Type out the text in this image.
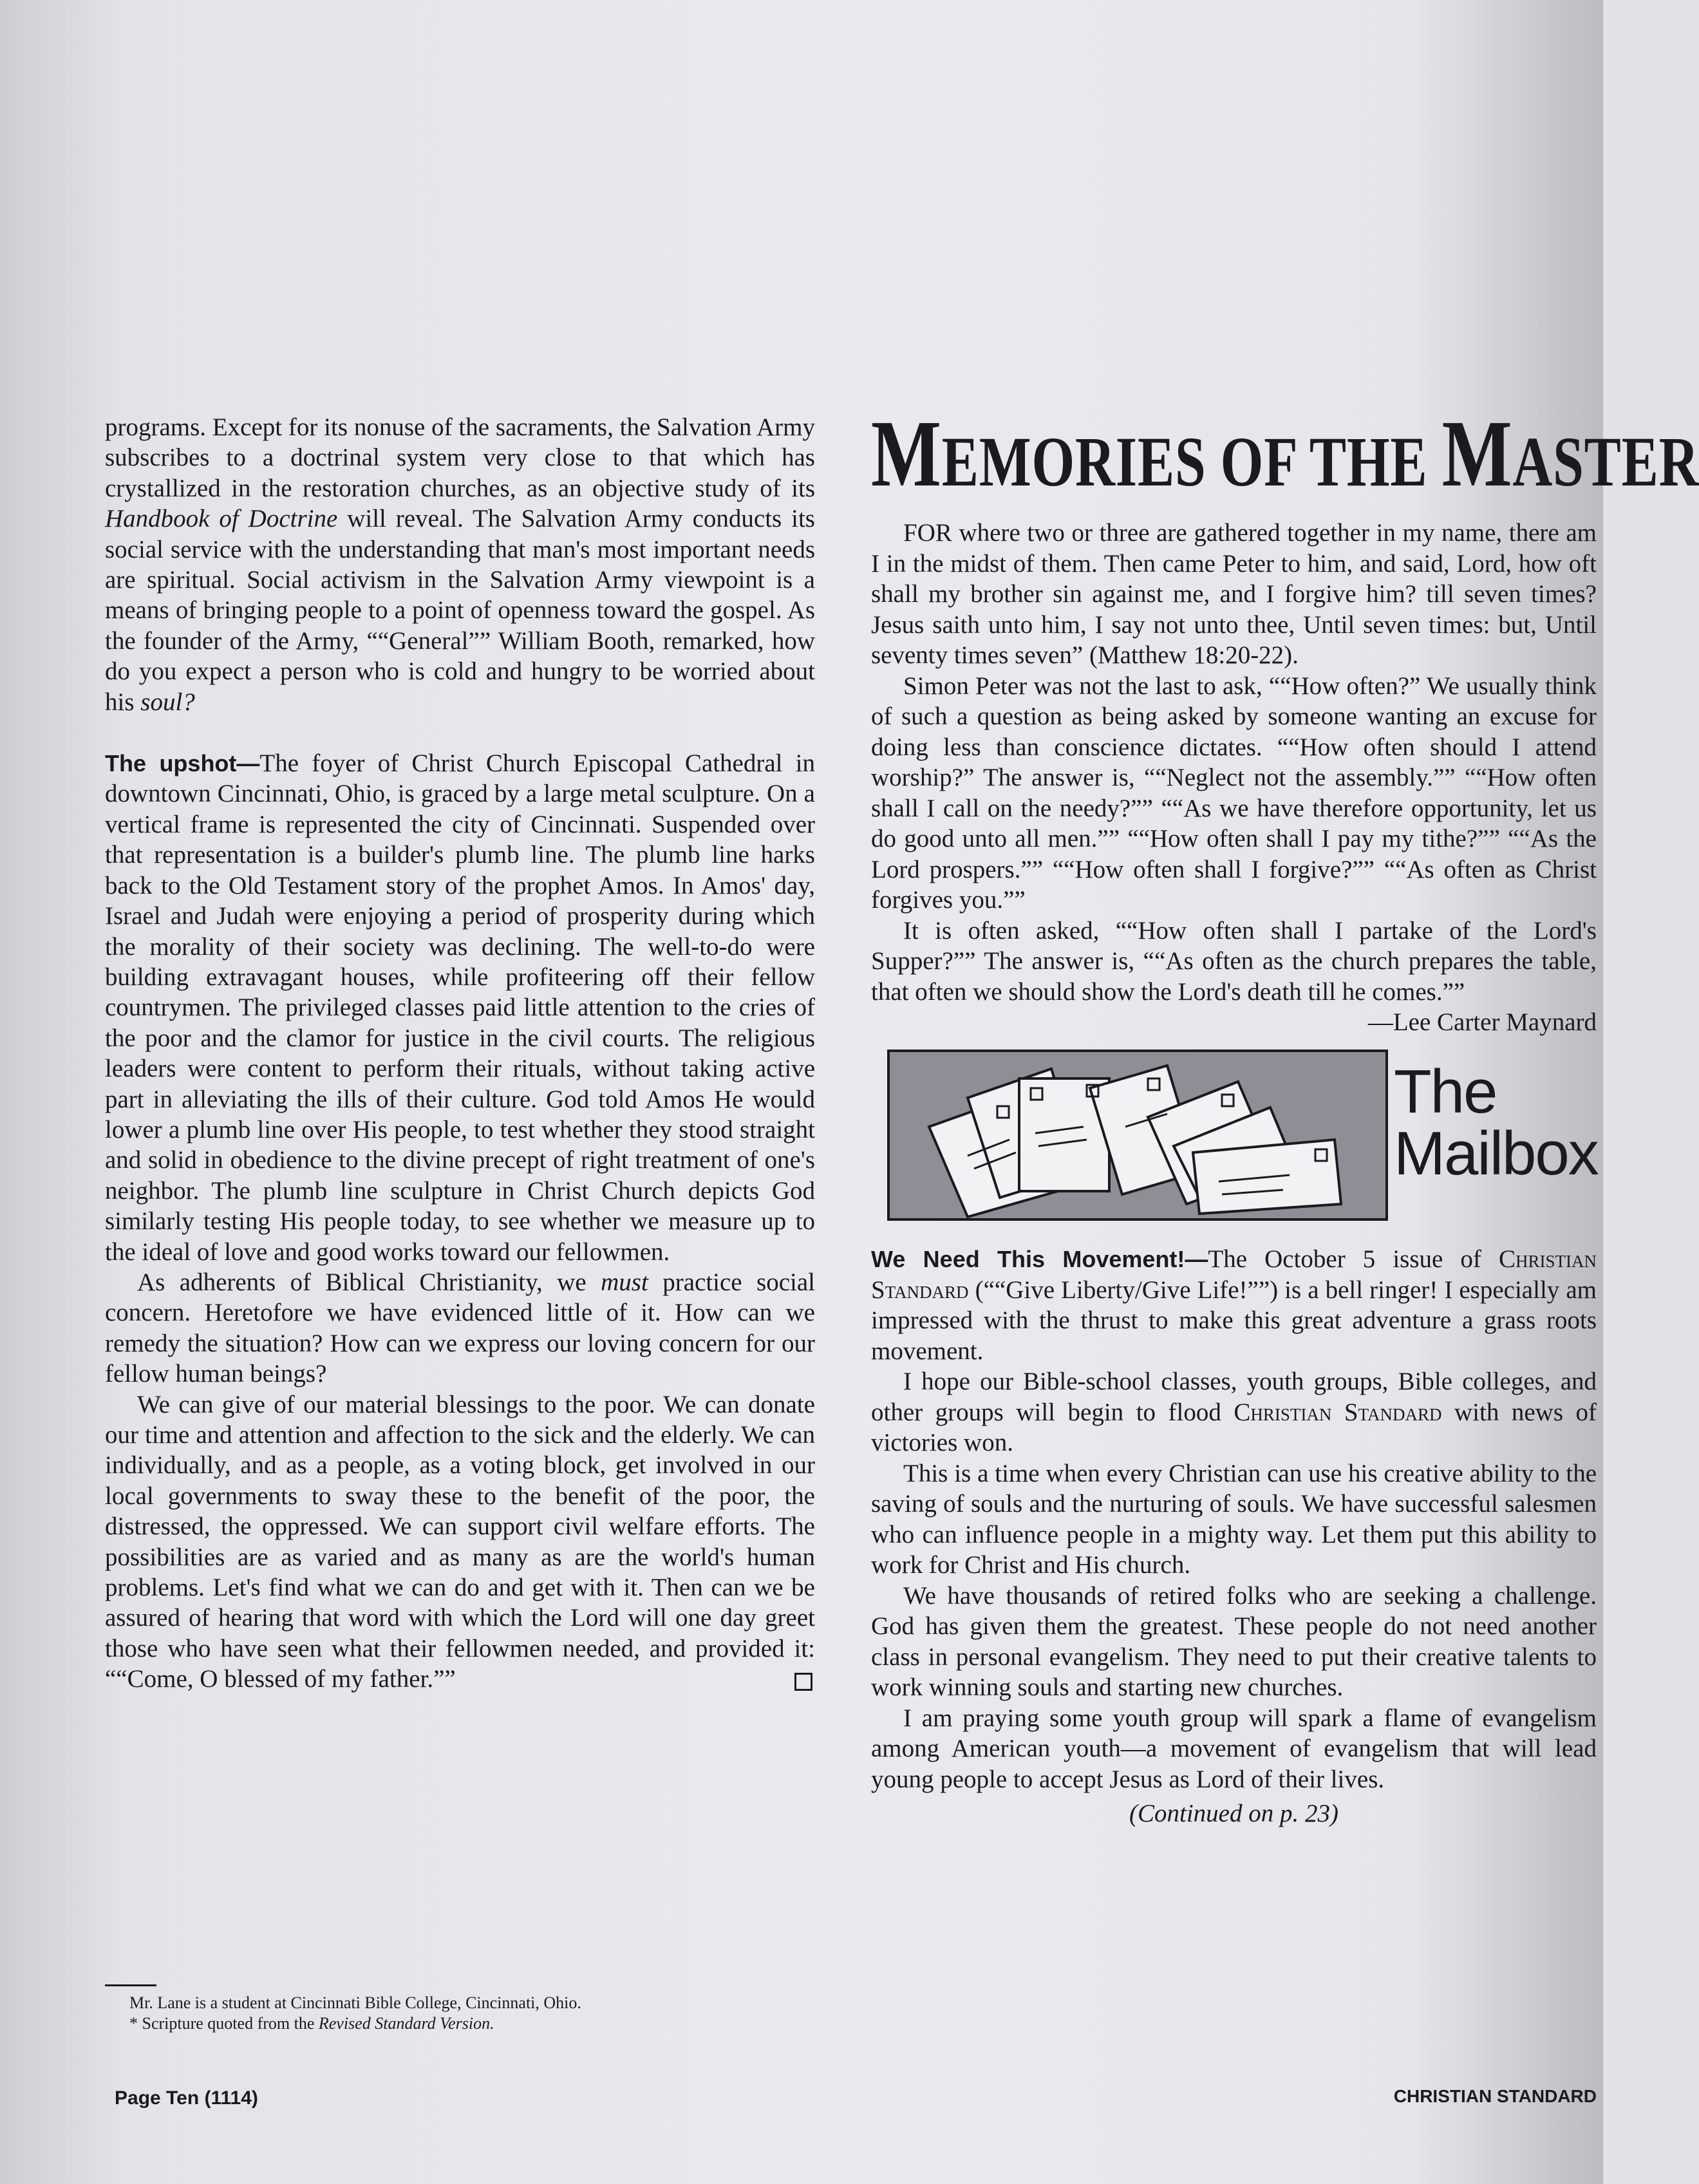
programs. Except for its nonuse of the sacraments, the Salvation Army subscribes to a doctrinal system very close to that which has crystallized in the restoration churches, as an objective study of its Handbook of Doctrine will reveal. The Salvation Army conducts its social service with the understanding that man's most important needs are spiritual. Social activism in the Salvation Army viewpoint is a means of bringing people to a point of openness toward the gospel. As the founder of the Army, ““General”” William Booth, remarked, how do you expect a person who is cold and hungry to be worried about his soul?

The upshot—The foyer of Christ Church Episcopal Cathedral in downtown Cincinnati, Ohio, is graced by a large metal sculpture. On a vertical frame is represented the city of Cincinnati. Suspended over that representation is a builder's plumb line. The plumb line harks back to the Old Testament story of the prophet Amos. In Amos' day, Israel and Judah were enjoying a period of prosperity during which the morality of their society was declining. The well-to-do were building extravagant houses, while profiteering off their fellow countrymen. The privileged classes paid little attention to the cries of the poor and the clamor for justice in the civil courts. The religious leaders were content to perform their rituals, without taking active part in alleviating the ills of their culture. God told Amos He would lower a plumb line over His people, to test whether they stood straight and solid in obedience to the divine precept of right treatment of one's neighbor. The plumb line sculpture in Christ Church depicts God similarly testing His people today, to see whether we measure up to the ideal of love and good works toward our fellowmen.

As adherents of Biblical Christianity, we must practice social concern. Heretofore we have evidenced little of it. How can we remedy the situation? How can we express our loving concern for our fellow human beings?

We can give of our material blessings to the poor. We can donate our time and attention and affection to the sick and the elderly. We can individually, and as a people, as a voting block, get involved in our local governments to sway these to the benefit of the poor, the distressed, the oppressed. We can support civil welfare efforts. The possibilities are as varied and as many as are the world's human problems. Let's find what we can do and get with it. Then can we be assured of hearing that word with which the Lord will one day greet those who have seen what their fellowmen needed, and provided it: ““Come, O blessed of my father.””

Mr. Lane is a student at Cincinnati Bible College, Cincinnati, Ohio.

* Scripture quoted from the Revised Standard Version.

Page Ten (1114)	CHRISTIAN STANDARD
MEMORIES OF THE MASTER

FOR where two or three are gathered together in my name, there am I in the midst of them. Then came Peter to him, and said, Lord, how oft shall my brother sin against me, and I forgive him? till seven times? Jesus saith unto him, I say not unto thee, Until seven times: but, Until seventy times seven” (Matthew 18:20-22).

Simon Peter was not the last to ask, ““How often?” We usually think of such a question as being asked by someone wanting an excuse for doing less than conscience dictates. ““How often should I attend worship?” The answer is, ““Neglect not the assembly.”” ““How often shall I call on the needy?”” ““As we have therefore opportunity, let us do good unto all men.”” ““How often shall I pay my tithe?”” ““As the Lord prospers.”” ““How often shall I forgive?”” ““As often as Christ forgives you.””

It is often asked, ““How often shall I partake of the Lord's Supper?”” The answer is, ““As often as the church prepares the table, that often we should show the Lord's death till he comes.””
—Lee Carter Maynard

The
Mailbox

We Need This Movement!—The October 5 issue of Christian Standard (““Give Liberty/Give Life!””) is a bell ringer! I especially am impressed with the thrust to make this great adventure a grass roots movement.

I hope our Bible-school classes, youth groups, Bible colleges, and other groups will begin to flood Christian Standard with news of victories won.

This is a time when every Christian can use his creative ability to the saving of souls and the nurturing of souls. We have successful salesmen who can influence people in a mighty way. Let them put this ability to work for Christ and His church.

We have thousands of retired folks who are seeking a challenge. God has given them the greatest. These people do not need another class in personal evangelism. They need to put their creative talents to work winning souls and starting new churches.

I am praying some youth group will spark a flame of evangelism among American youth—a movement of evangelism that will lead young people to accept Jesus as Lord of their lives.

(Continued on p. 23)
